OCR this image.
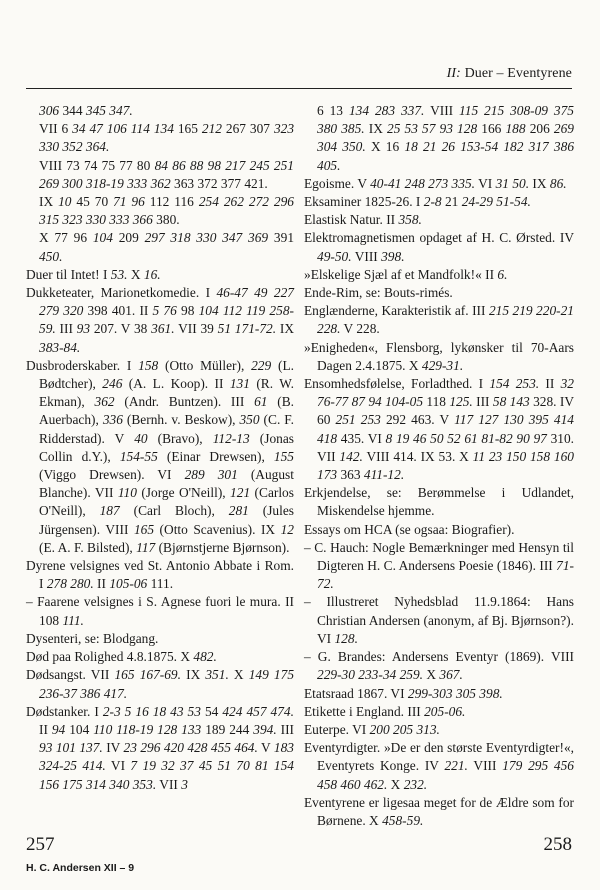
II: Duer – Eventyrene
306 344 345 347.
VII 6 34 47 106 114 134 165 212 267 307 323 330 352 364.
VIII 73 74 75 77 80 84 86 88 98 217 245 251 269 300 318-19 333 362 363 372 377 421.
IX 10 45 70 71 96 112 116 254 262 272 296 315 323 330 333 366 380.
X 77 96 104 209 297 318 330 347 369 391 450.
Duer til Intet! I 53. X 16.
Dukketeater, Marionetkomedie. I 46-47 49 227 279 320 398 401. II 5 76 98 104 112 119 258-59. III 93 207. V 38 361. VII 39 51 171-72. IX 383-84.
Dusbroderskaber. I 158 (Otto Müller), 229 (L. Bødtcher), 246 (A. L. Koop). II 131 (R. W. Ekman), 362 (Andr. Buntzen). III 61 (B. Auerbach), 336 (Bernh. v. Beskow), 350 (C. F. Ridderstad). V 40 (Bravo), 112-13 (Jonas Collin d.Y.), 154-55 (Einar Drewsen), 155 (Viggo Drewsen). VI 289 301 (August Blanche). VII 110 (Jorge O'Neill), 121 (Carlos O'Neill), 187 (Carl Bloch), 281 (Jules Jürgensen). VIII 165 (Otto Scavenius). IX 12 (E. A. F. Bilsted), 117 (Bjørnstjerne Bjørnson).
Dyrene velsignes ved St. Antonio Abbate i Rom. I 278 280. II 105-06 111.
– Faarene velsignes i S. Agnese fuori le mura. II 108 111.
Dysenteri, se: Blodgang.
Død paa Rolighed 4.8.1875. X 482.
Dødsangst. VII 165 167-69. IX 351. X 149 175 236-37 386 417.
Dødstanker. I 2-3 5 16 18 43 53 54 424 457 474. II 94 104 110 118-19 128 133 189 244 394. III 93 101 137. IV 23 296 420 428 455 464. V 183 324-25 414. VI 7 19 32 37 45 51 70 81 154 156 175 314 340 353. VII 3
6 13 134 283 337. VIII 115 215 308-09 375 380 385. IX 25 53 57 93 128 166 188 206 269 304 350. X 16 18 21 26 153-54 182 317 386 405.
Egoisme. V 40-41 248 273 335. VI 31 50. IX 86.
Eksaminer 1825-26. I 2-8 21 24-29 51-54.
Elastisk Natur. II 358.
Elektromagnetismen opdaget af H. C. Ørsted. IV 49-50. VIII 398.
»Elskelige Sjæl af et Mandfolk!« II 6.
Ende-Rim, se: Bouts-rimés.
Englænderne, Karakteristik af. III 215 219 220-21 228. V 228.
»Enigheden«, Flensborg, lykønsker til 70-Aars Dagen 2.4.1875. X 429-31.
Ensomhedsfølelse, Forladthed. I 154 253. II 32 76-77 87 94 104-05 118 125. III 58 143 328. IV 60 251 253 292 463. V 117 127 130 395 414 418 435. VI 8 19 46 50 52 61 81-82 90 97 310. VII 142. VIII 414. IX 53. X 11 23 150 158 160 173 363 411-12.
Erkjendelse, se: Berømmelse i Udlandet, Miskendelse hjemme.
Essays om HCA (se ogsaa: Biografier).
– C. Hauch: Nogle Bemærkninger med Hensyn til Digteren H. C. Andersens Poesie (1846). III 71-72.
– Illustreret Nyhedsblad 11.9.1864: Hans Christian Andersen (anonym, af Bj. Bjørnson?). VI 128.
– G. Brandes: Andersens Eventyr (1869). VIII 229-30 233-34 259. X 367.
Etatsraad 1867. VI 299-303 305 398.
Etikette i England. III 205-06.
Euterpe. VI 200 205 313.
Eventyrdigter. »De er den største Eventyrdigter!«, Eventyrets Konge. IV 221. VIII 179 295 456 458 460 462. X 232.
Eventyrene er ligesaa meget for de Ældre som for Børnene. X 458-59.
257	258
H. C. Andersen XII – 9
